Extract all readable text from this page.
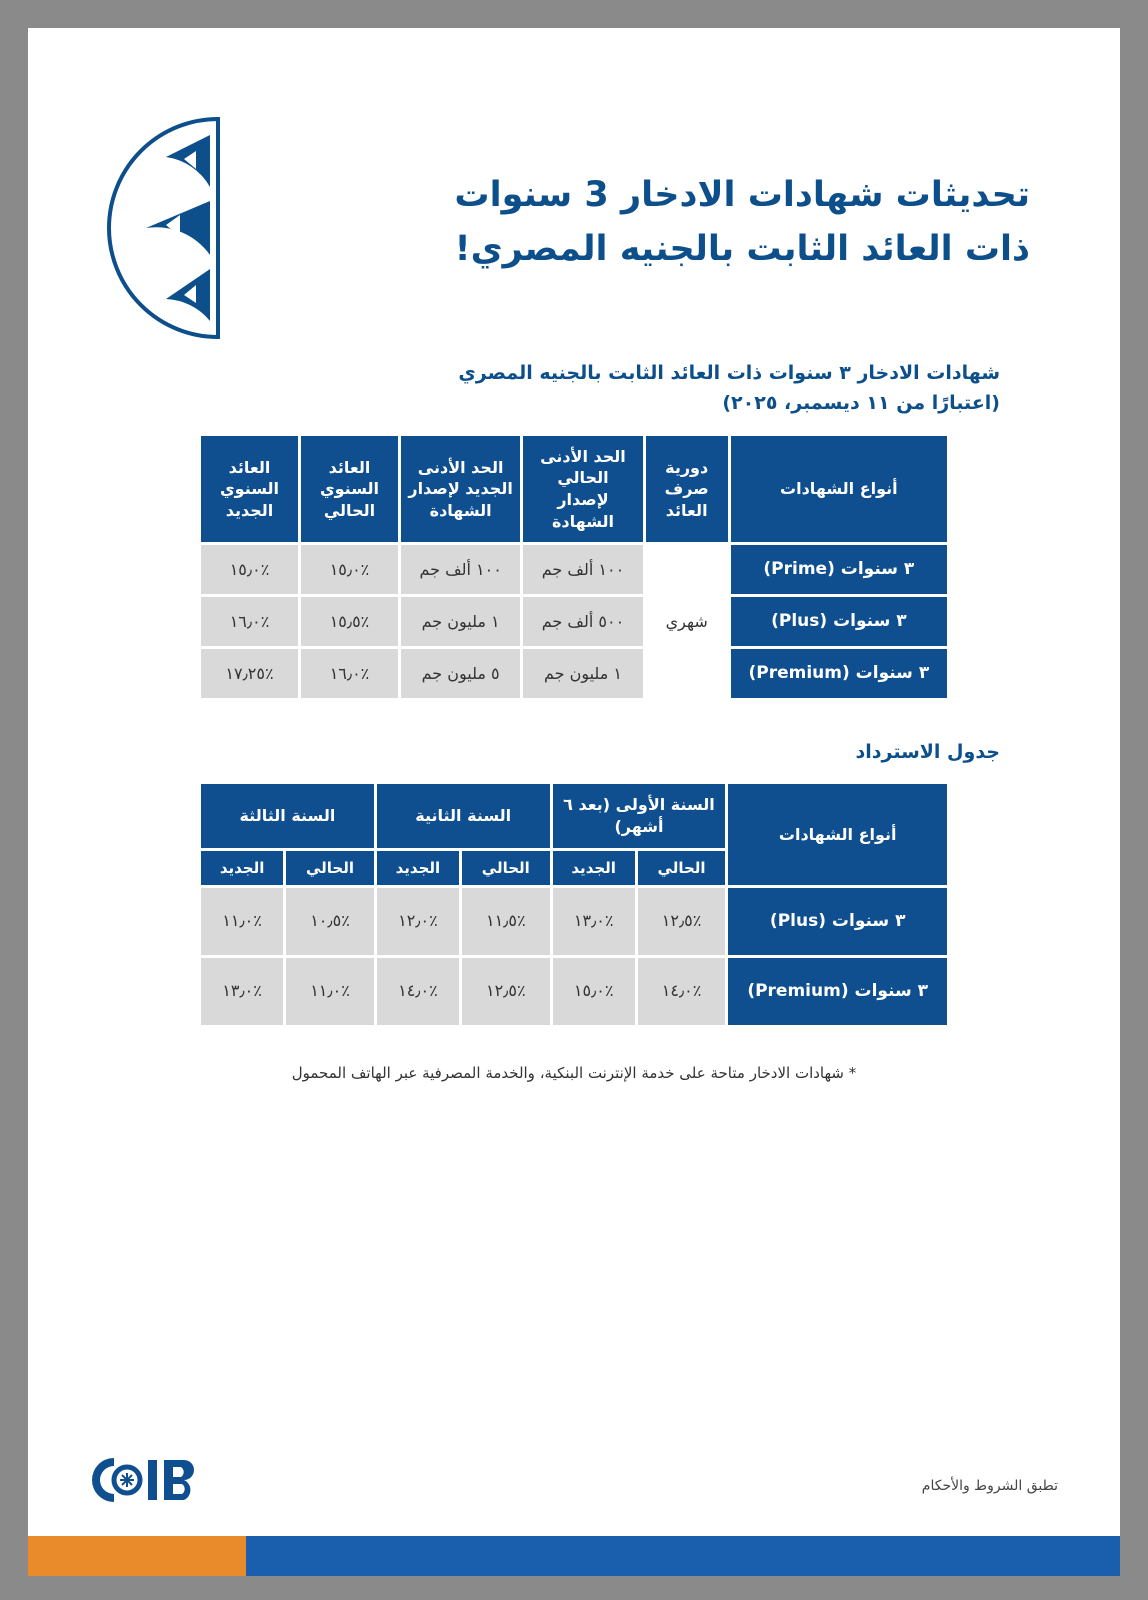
تحديثات شهادات الادخار 3 سنوات
ذات العائد الثابت بالجنيه المصري!
شهادات الادخار ٣ سنوات ذات العائد الثابت بالجنيه المصري
(اعتبارًا من ١١ ديسمبر، ٢٠٢٥)
أنواع الشهادات	دورية صرف العائد	الحد الأدنى الحالي لإصدار الشهادة	الحد الأدنى الجديد لإصدار الشهادة	العائد السنوي الحالي	العائد السنوي الجديد
٣ سنوات (Prime)	شهري	١٠٠ ألف جم	١٠٠ ألف جم	٪١٥٫٠	٪١٥٫٠
٣ سنوات (Plus)		٥٠٠ ألف جم	١ مليون جم	٪١٥٫٥	٪١٦٫٠
٣ سنوات (Premium)		١ مليون جم	٥ مليون جم	٪١٦٫٠	٪١٧٫٢٥
جدول الاسترداد
أنواع الشهادات	السنة الأولى (بعد ٦ أشهر)		السنة الثانية		السنة الثالثة	
	الحالي	الجديد	الحالي	الجديد	الحالي	الجديد
٣ سنوات (Plus)	٪١٢٫٥	٪١٣٫٠	٪١١٫٥	٪١٢٫٠	٪١٠٫٥	٪١١٫٠
٣ سنوات (Premium)	٪١٤٫٠	٪١٥٫٠	٪١٢٫٥	٪١٤٫٠	٪١١٫٠	٪١٣٫٠
* شهادات الادخار متاحة على خدمة الإنترنت البنكية، والخدمة المصرفية عبر الهاتف المحمول
تطبق الشروط والأحكام
